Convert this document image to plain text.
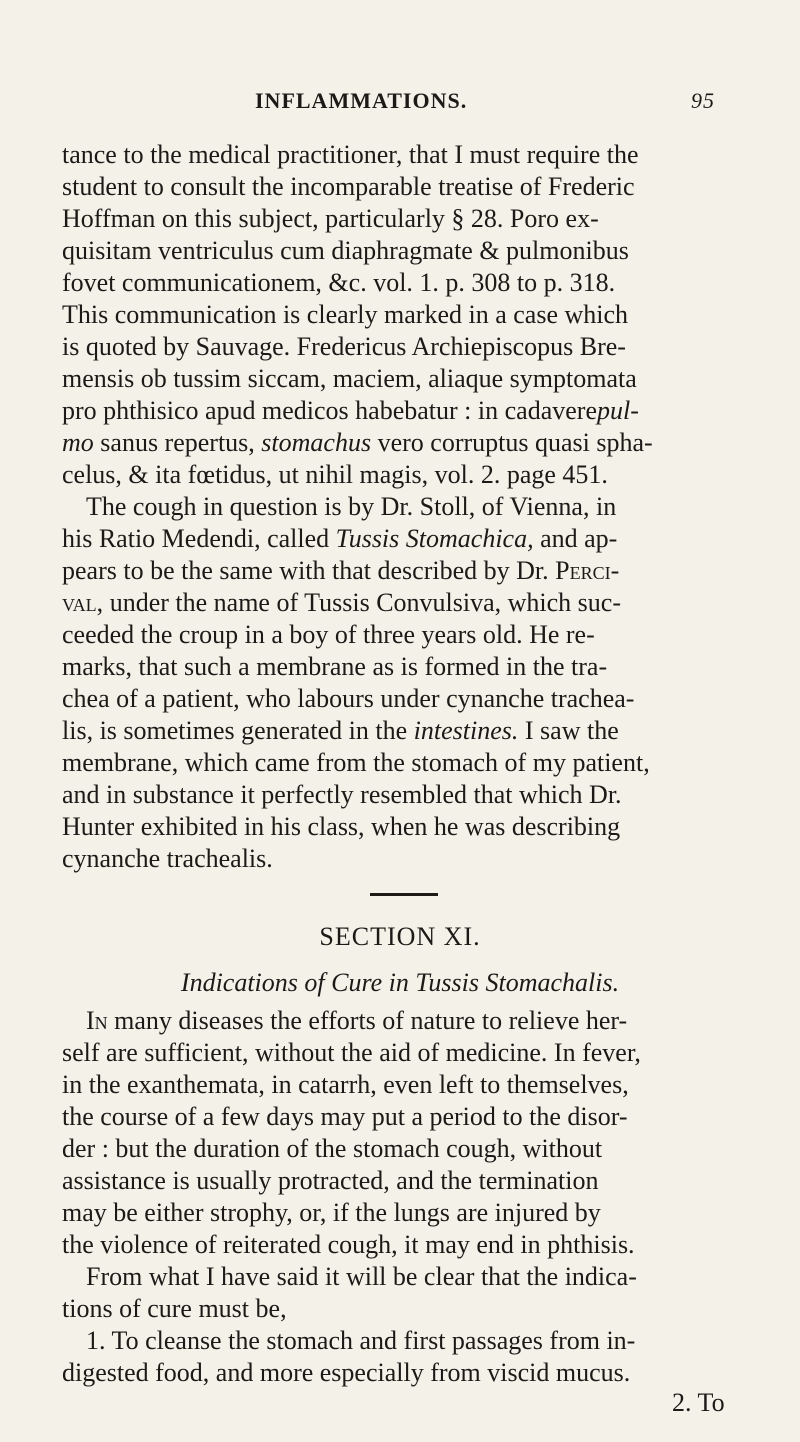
INFLAMMATIONS.	95
tance to the medical practitioner, that I must require the
student to consult the incomparable treatise of Frederic
Hoffman on this subject, particularly § 28. Poro ex-
quisitam ventriculus cum diaphragmate & pulmonibus
fovet communicationem, &c. vol. 1. p. 308 to p. 318.
This communication is clearly marked in a case which
is quoted by Sauvage. Fredericus Archiepiscopus Bre-
mensis ob tussim siccam, maciem, aliaque symptomata
pro phthisico apud medicos habebatur : in cadaverepul-
mo sanus repertus, stomachus vero corruptus quasi spha-
celus, & ita fœtidus, ut nihil magis, vol. 2. page 451.
The cough in question is by Dr. Stoll, of Vienna, in
his Ratio Medendi, called Tussis Stomachica, and ap-
pears to be the same with that described by Dr. Perci-
val, under the name of Tussis Convulsiva, which suc-
ceeded the croup in a boy of three years old. He re-
marks, that such a membrane as is formed in the tra-
chea of a patient, who labours under cynanche trachea-
lis, is sometimes generated in the intestines. I saw the
membrane, which came from the stomach of my patient,
and in substance it perfectly resembled that which Dr.
Hunter exhibited in his class, when he was describing
cynanche trachealis.
SECTION XI.
Indications of Cure in Tussis Stomachalis.
In many diseases the efforts of nature to relieve her-
self are sufficient, without the aid of medicine. In fever,
in the exanthemata, in catarrh, even left to themselves,
the course of a few days may put a period to the disor-
der : but the duration of the stomach cough, without
assistance is usually protracted, and the termination
may be either strophy, or, if the lungs are injured by
the violence of reiterated cough, it may end in phthisis.
From what I have said it will be clear that the indica-
tions of cure must be,
1. To cleanse the stomach and first passages from in-
digested food, and more especially from viscid mucus.
2. To
